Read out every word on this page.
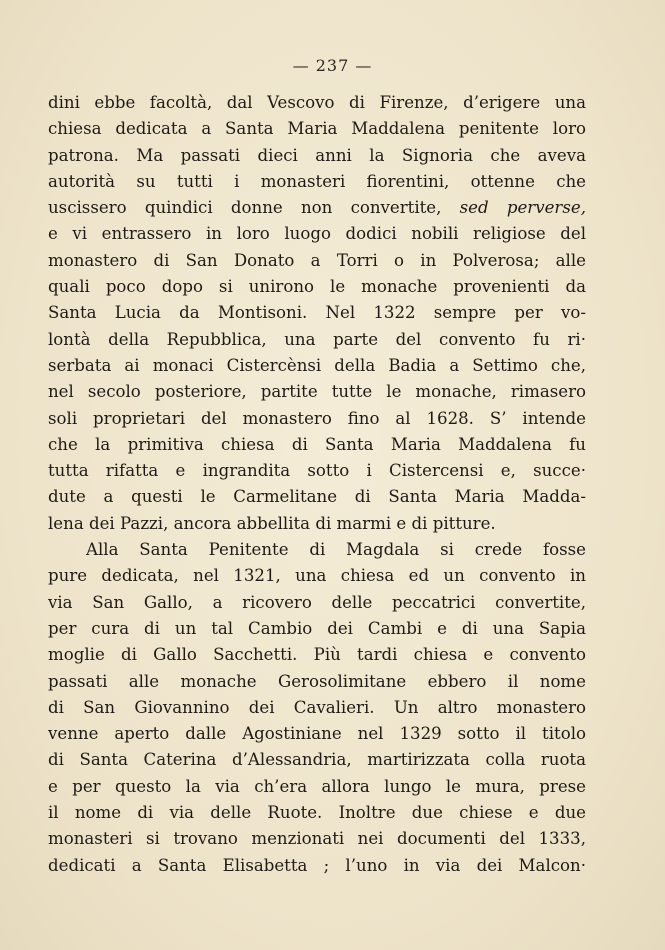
— 237 —
dini ebbe facoltà, dal Vescovo di Firenze, d’erigere una
chiesa dedicata a Santa Maria Maddalena penitente loro
patrona. Ma passati dieci anni la Signoria che aveva
autorità su tutti i monasteri fiorentini, ottenne che
uscissero quindici donne non convertite, sed perverse,
e vi entrassero in loro luogo dodici nobili religiose del
monastero di San Donato a Torri o in Polverosa; alle
quali poco dopo si unirono le monache provenienti da
Santa Lucia da Montisoni. Nel 1322 sempre per vo-
lontà della Repubblica, una parte del convento fu ri·
serbata ai monaci Cistercènsi della Badia a Settimo che,
nel secolo posteriore, partite tutte le monache, rimasero
soli proprietari del monastero fino al 1628. S’ intende
che la primitiva chiesa di Santa Maria Maddalena fu
tutta rifatta e ingrandita sotto i Cistercensi e, succe·
dute a questi le Carmelitane di Santa Maria Madda-
lena dei Pazzi, ancora abbellita di marmi e di pitture.
Alla Santa Penitente di Magdala si crede fosse
pure dedicata, nel 1321, una chiesa ed un convento in
via San Gallo, a ricovero delle peccatrici convertite,
per cura di un tal Cambio dei Cambi e di una Sapia
moglie di Gallo Sacchetti. Più tardi chiesa e convento
passati alle monache Gerosolimitane ebbero il nome
di San Giovannino dei Cavalieri. Un altro monastero
venne aperto dalle Agostiniane nel 1329 sotto il titolo
di Santa Caterina d’Alessandria, martirizzata colla ruota
e per questo la via ch’era allora lungo le mura, prese
il nome di via delle Ruote. Inoltre due chiese e due
monasteri si trovano menzionati nei documenti del 1333,
dedicati a Santa Elisabetta ; l’uno in via dei Malcon·
